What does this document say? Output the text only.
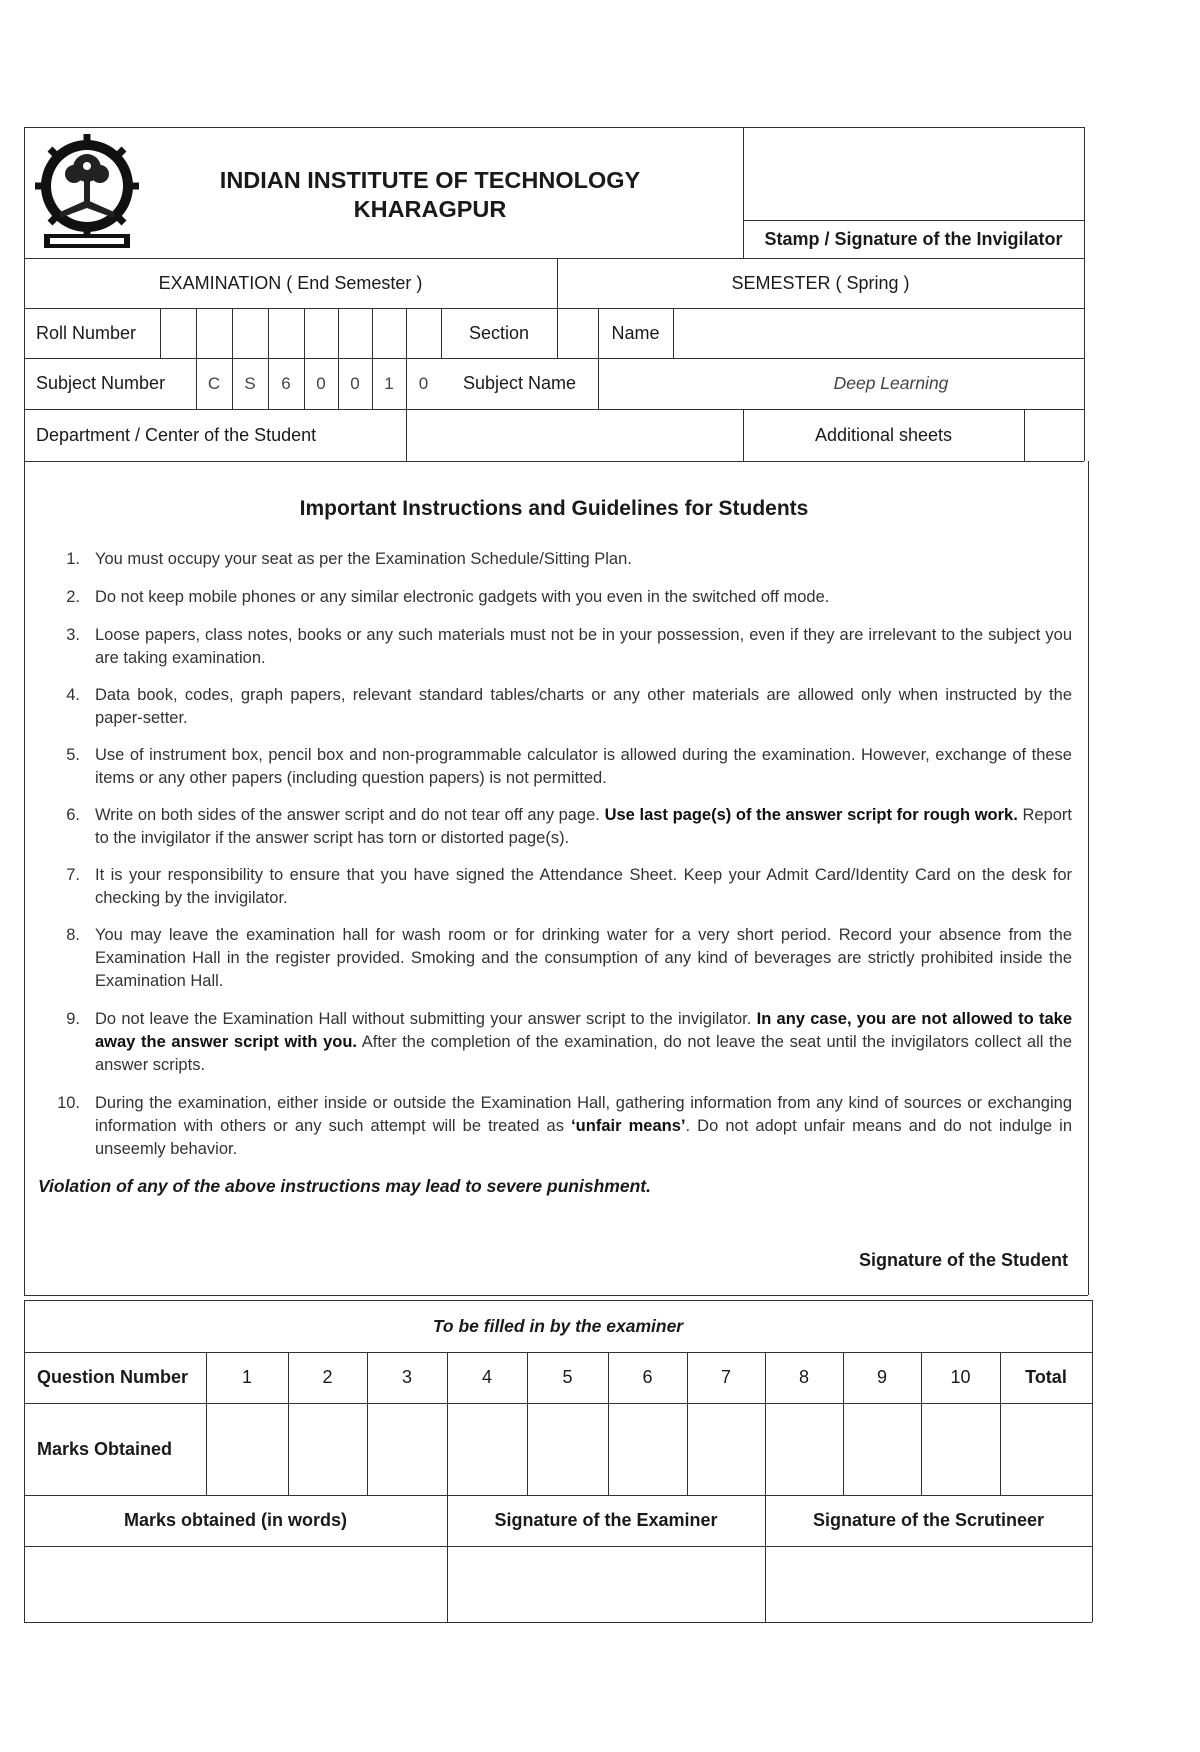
INDIAN INSTITUTE OF TECHNOLOGY
KHARAGPUR
Stamp / Signature of the Invigilator
EXAMINATION ( End Semester )	SEMESTER ( Spring )
Roll Number	Section	Name
Subject Number	C S 6 0 0 1 0 Subject Name	Deep Learning
Department / Center of the Student	Additional sheets
Important Instructions and Guidelines for Students
1. You must occupy your seat as per the Examination Schedule/Sitting Plan.
2. Do not keep mobile phones or any similar electronic gadgets with you even in the switched off mode.
3. Loose papers, class notes, books or any such materials must not be in your possession, even if they are irrelevant to the subject you are taking examination.
4. Data book, codes, graph papers, relevant standard tables/charts or any other materials are allowed only when instructed by the paper-setter.
5. Use of instrument box, pencil box and non-programmable calculator is allowed during the examination. However, exchange of these items or any other papers (including question papers) is not permitted.
6. Write on both sides of the answer script and do not tear off any page. Use last page(s) of the answer script for rough work. Report to the invigilator if the answer script has torn or distorted page(s).
7. It is your responsibility to ensure that you have signed the Attendance Sheet. Keep your Admit Card/Identity Card on the desk for checking by the invigilator.
8. You may leave the examination hall for wash room or for drinking water for a very short period. Record your absence from the Examination Hall in the register provided. Smoking and the consumption of any kind of beverages are strictly prohibited inside the Examination Hall.
9. Do not leave the Examination Hall without submitting your answer script to the invigilator. In any case, you are not allowed to take away the answer script with you. After the completion of the examination, do not leave the seat until the invigilators collect all the answer scripts.
10. During the examination, either inside or outside the Examination Hall, gathering information from any kind of sources or exchanging information with others or any such attempt will be treated as ‘unfair means’. Do not adopt unfair means and do not indulge in unseemly behavior.
Violation of any of the above instructions may lead to severe punishment.
Signature of the Student
To be filled in by the examiner
Question Number	1	2	3	4	5	6	7	8	9	10	Total
Marks Obtained
Marks obtained (in words)	Signature of the Examiner	Signature of the Scrutineer
